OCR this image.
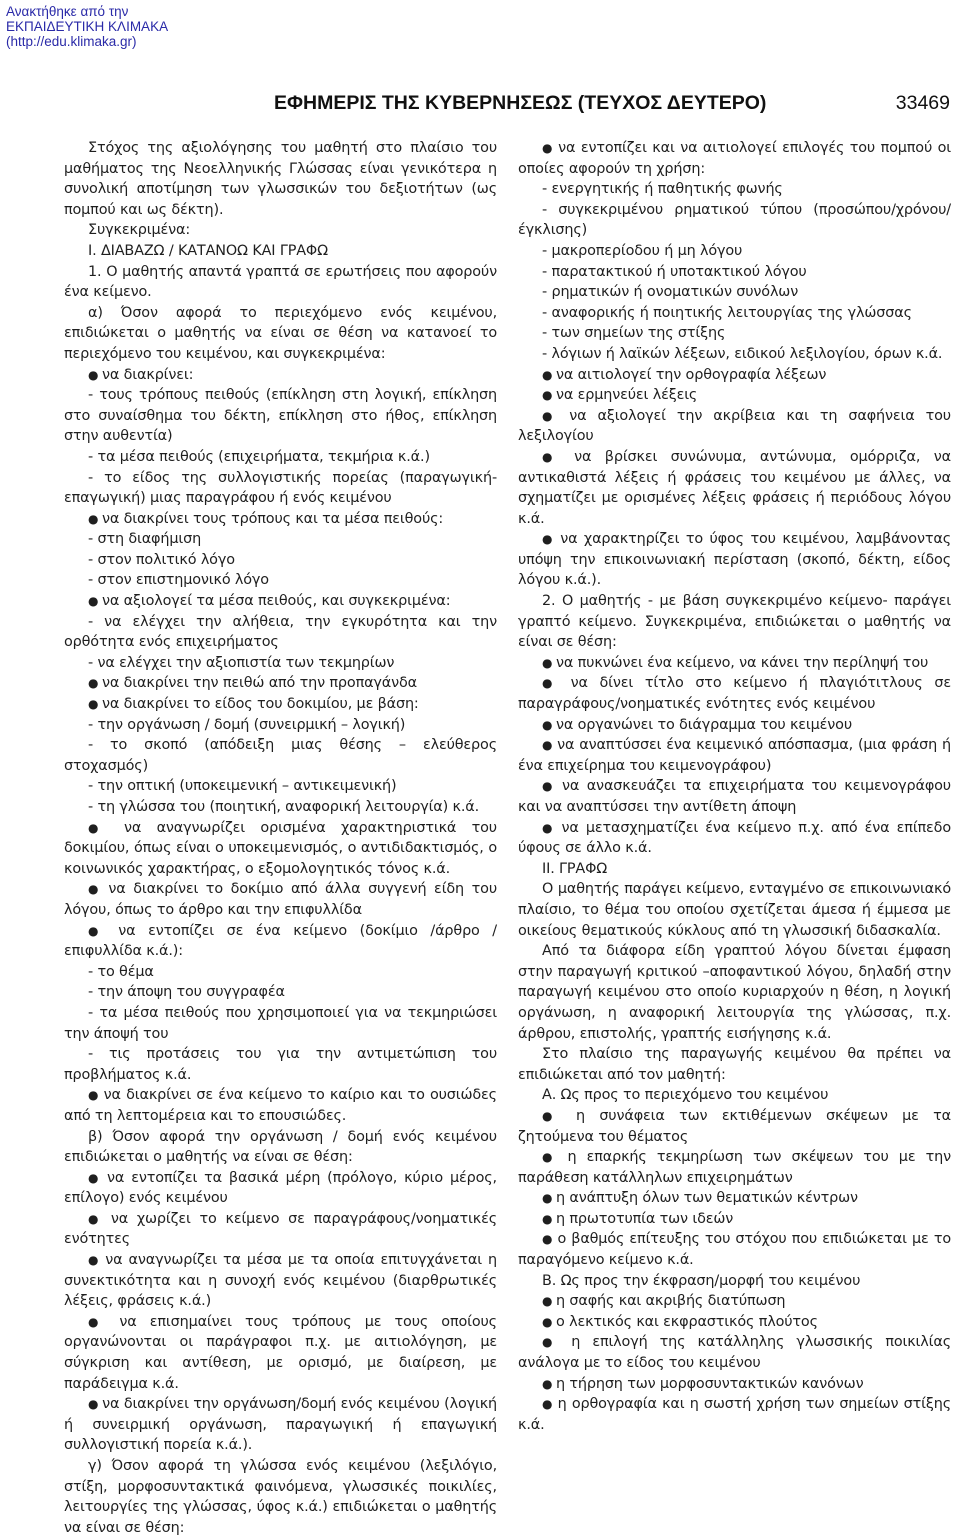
Ανακτήθηκε από την
ΕΚΠΑΙΔΕΥΤΙΚΗ ΚΛΙΜΑΚΑ
(http://edu.klimaka.gr)
ΕΦΗΜΕΡΙΣ ΤΗΣ ΚΥΒΕΡΝΗΣΕΩΣ (ΤΕΥΧΟΣ ΔΕΥΤΕΡΟ)	33469

Στόχος της αξιολόγησης του μαθητή στο πλαίσιο του μαθήματος της Νεοελληνικής Γλώσσας είναι γενικότερα η συνολική αποτίμηση των γλωσσικών του δεξιοτήτων (ως πομπού και ως δέκτη).

Συγκεκριμένα:

Ι. ΔΙΑΒΑΖΩ / ΚΑΤΑΝΟΩ ΚΑΙ ΓΡΑΦΩ

1. Ο μαθητής απαντά γραπτά σε ερωτήσεις που αφορούν ένα κείμενο.

α) Όσον αφορά το περιεχόμενο ενός κειμένου, επιδιώκεται ο μαθητής να είναι σε θέση να κατανοεί το περιεχόμενο του κειμένου, και συγκεκριμένα:

● να διακρίνει:

- τους τρόπους πειθούς (επίκληση στη λογική, επίκληση στο συναίσθημα του δέκτη, επίκληση στο ήθος, επίκληση στην αυθεντία)

- τα μέσα πειθούς (επιχειρήματα, τεκμήρια κ.ά.)

- το είδος της συλλογιστικής πορείας (παραγωγική-επαγωγική) μιας παραγράφου ή ενός κειμένου

● να διακρίνει τους τρόπους και τα μέσα πειθούς:

- στη διαφήμιση

- στον πολιτικό λόγο

- στον επιστημονικό λόγο

● να αξιολογεί τα μέσα πειθούς, και συγκεκριμένα:

- να ελέγχει την αλήθεια, την εγκυρότητα και την ορθότητα ενός επιχειρήματος

- να ελέγχει την αξιοπιστία των τεκμηρίων

● να διακρίνει την πειθώ από την προπαγάνδα

● να διακρίνει το είδος του δοκιμίου, με βάση:

- την οργάνωση / δομή (συνειρμική – λογική)

- το σκοπό (απόδειξη μιας θέσης – ελεύθερος στοχασμός)

- την οπτική (υποκειμενική – αντικειμενική)

- τη γλώσσα του (ποιητική, αναφορική λειτουργία) κ.ά.

● να αναγνωρίζει ορισμένα χαρακτηριστικά του δοκιμίου, όπως είναι ο υποκειμενισμός, ο αντιδιδακτισμός, ο κοινωνικός χαρακτήρας, ο εξομολογητικός τόνος κ.ά.

● να διακρίνει το δοκίμιο από άλλα συγγενή είδη του λόγου, όπως το άρθρο και την επιφυλλίδα

● να εντοπίζει σε ένα κείμενο (δοκίμιο /άρθρο /επιφυλλίδα κ.ά.):

- το θέμα

- την άποψη του συγγραφέα

- τα μέσα πειθούς που χρησιμοποιεί για να τεκμηριώσει την άποψή του

- τις προτάσεις του για την αντιμετώπιση του προβλήματος κ.ά.

● να διακρίνει σε ένα κείμενο το καίριο και το ουσιώδες από τη λεπτομέρεια και το επουσιώδες.

β) Όσον αφορά την οργάνωση / δομή ενός κειμένου επιδιώκεται ο μαθητής να είναι σε θέση:

● να εντοπίζει τα βασικά μέρη (πρόλογο, κύριο μέρος, επίλογο) ενός κειμένου

● να χωρίζει το κείμενο σε παραγράφους/νοηματικές ενότητες

● να αναγνωρίζει τα μέσα με τα οποία επιτυγχάνεται η συνεκτικότητα και η συνοχή ενός κειμένου (διαρθρωτικές λέξεις, φράσεις κ.ά.)

● να επισημαίνει τους τρόπους με τους οποίους οργανώνονται οι παράγραφοι π.χ. με αιτιολόγηση, με σύγκριση και αντίθεση, με ορισμό, με διαίρεση, με παράδειγμα κ.ά.

● να διακρίνει την οργάνωση/δομή ενός κειμένου (λογική ή συνειρμική οργάνωση, παραγωγική ή επαγωγική συλλογιστική πορεία κ.ά.).

γ) Όσον αφορά τη γλώσσα ενός κειμένου (λεξιλόγιο, στίξη, μορφοσυντακτικά φαινόμενα, γλωσσικές ποικιλίες, λειτουργίες της γλώσσας, ύφος κ.ά.) επιδιώκεται ο μαθητής να είναι σε θέση:

● να εντοπίζει και να αιτιολογεί επιλογές του πομπού οι οποίες αφορούν τη χρήση:

- ενεργητικής ή παθητικής φωνής

- συγκεκριμένου ρηματικού τύπου (προσώπου/χρόνου/έγκλισης)

- μακροπερίοδου ή μη λόγου

- παρατακτικού ή υποτακτικού λόγου

- ρηματικών ή ονοματικών συνόλων

- αναφορικής ή ποιητικής λειτουργίας της γλώσσας

- των σημείων της στίξης

- λόγιων ή λαϊκών λέξεων, ειδικού λεξιλογίου, όρων κ.ά.

● να αιτιολογεί την ορθογραφία λέξεων

● να ερμηνεύει λέξεις

● να αξιολογεί την ακρίβεια και τη σαφήνεια του λεξιλογίου

● να βρίσκει συνώνυμα, αντώνυμα, ομόρριζα, να αντικαθιστά λέξεις ή φράσεις του κειμένου με άλλες, να σχηματίζει με ορισμένες λέξεις φράσεις ή περιόδους λόγου κ.ά.

● να χαρακτηρίζει το ύφος του κειμένου, λαμβάνοντας υπόψη την επικοινωνιακή περίσταση (σκοπό, δέκτη, είδος λόγου κ.ά.).

2. Ο μαθητής - με βάση συγκεκριμένο κείμενο- παράγει γραπτό κείμενο. Συγκεκριμένα, επιδιώκεται ο μαθητής να είναι σε θέση:

● να πυκνώνει ένα κείμενο, να κάνει την περίληψή του

● να δίνει τίτλο στο κείμενο ή πλαγιότιτλους σε παραγράφους/νοηματικές ενότητες ενός κειμένου

● να οργανώνει το διάγραμμα του κειμένου

● να αναπτύσσει ένα κειμενικό απόσπασμα, (μια φράση ή ένα επιχείρημα του κειμενογράφου)

● να ανασκευάζει τα επιχειρήματα του κειμενογράφου και να αναπτύσσει την αντίθετη άποψη

● να μετασχηματίζει ένα κείμενο π.χ. από ένα επίπεδο ύφους σε άλλο κ.ά.

ΙΙ. ΓΡΑΦΩ

Ο μαθητής παράγει κείμενο, ενταγμένο σε επικοινωνιακό πλαίσιο, το θέμα του οποίου σχετίζεται άμεσα ή έμμεσα με οικείους θεματικούς κύκλους από τη γλωσσική διδασκαλία.

Από τα διάφορα είδη γραπτού λόγου δίνεται έμφαση στην παραγωγή κριτικού –αποφαντικού λόγου, δηλαδή στην παραγωγή κειμένου στο οποίο κυριαρχούν η θέση, η λογική οργάνωση, η αναφορική λειτουργία της γλώσσας, π.χ. άρθρου, επιστολής, γραπτής εισήγησης κ.ά.

Στο πλαίσιο της παραγωγής κειμένου θα πρέπει να επιδιώκεται από τον μαθητή:

Α. Ως προς το περιεχόμενο του κειμένου

● η συνάφεια των εκτιθέμενων σκέψεων με τα ζητούμενα του θέματος

● η επαρκής τεκμηρίωση των σκέψεων του με την παράθεση κατάλληλων επιχειρημάτων

● η ανάπτυξη όλων των θεματικών κέντρων

● η πρωτοτυπία των ιδεών

● ο βαθμός επίτευξης του στόχου που επιδιώκεται με το παραγόμενο κείμενο κ.ά.

Β. Ως προς την έκφραση/μορφή του κειμένου

● η σαφής και ακριβής διατύπωση

● ο λεκτικός και εκφραστικός πλούτος

● η επιλογή της κατάλληλης γλωσσικής ποικιλίας ανάλογα με το είδος του κειμένου

● η τήρηση των μορφοσυντακτικών κανόνων

● η ορθογραφία και η σωστή χρήση των σημείων στίξης κ.ά.
